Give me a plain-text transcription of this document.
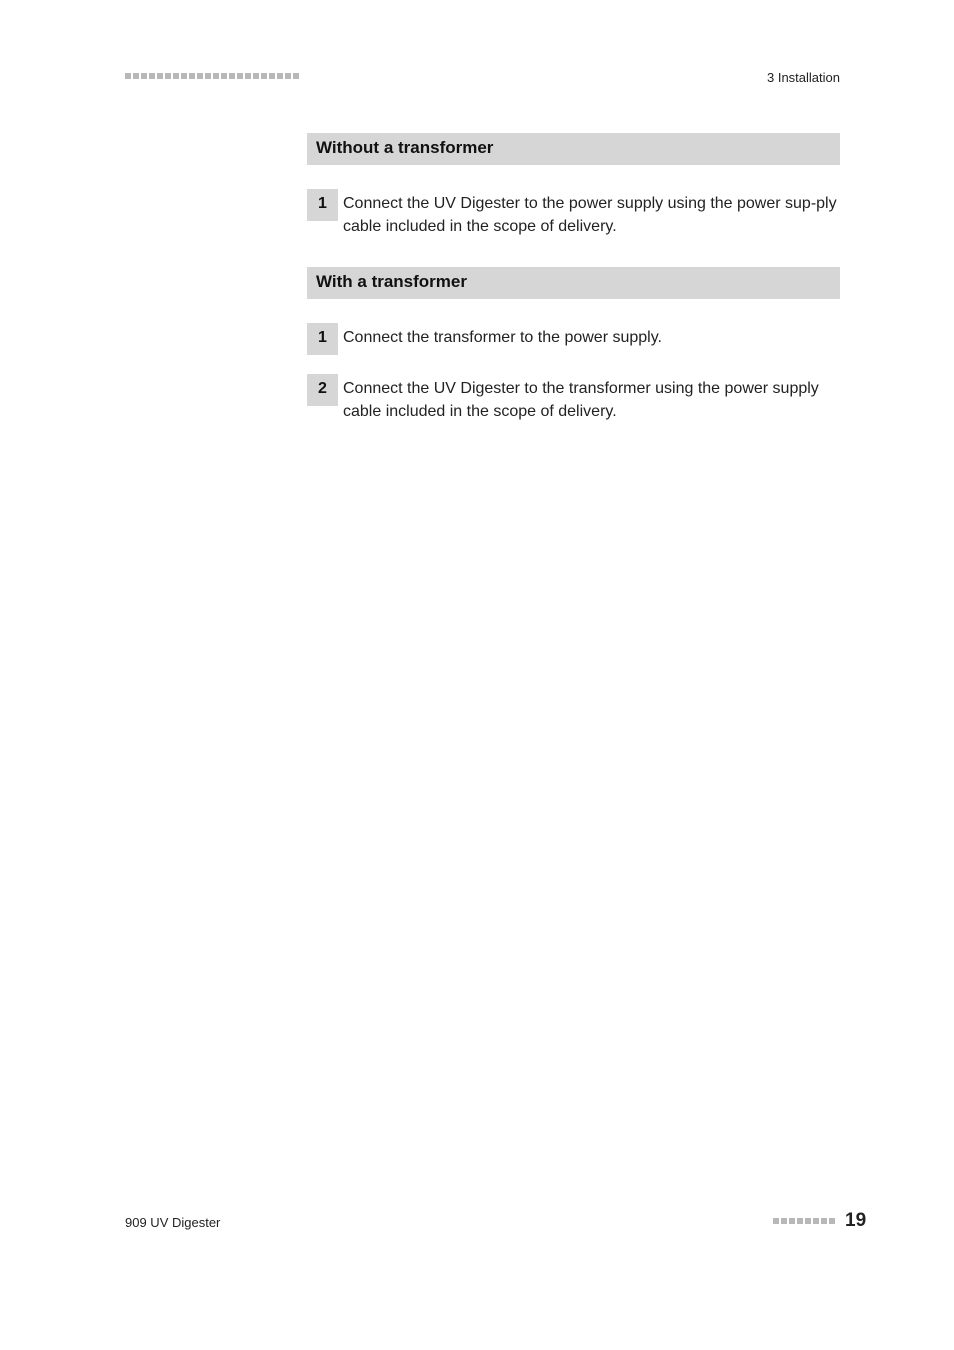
3 Installation
Without a transformer
1	Connect the UV Digester to the power supply using the power sup-ply cable included in the scope of delivery.
With a transformer
1	Connect the transformer to the power supply.
2	Connect the UV Digester to the transformer using the power supply cable included in the scope of delivery.
909 UV Digester	19
